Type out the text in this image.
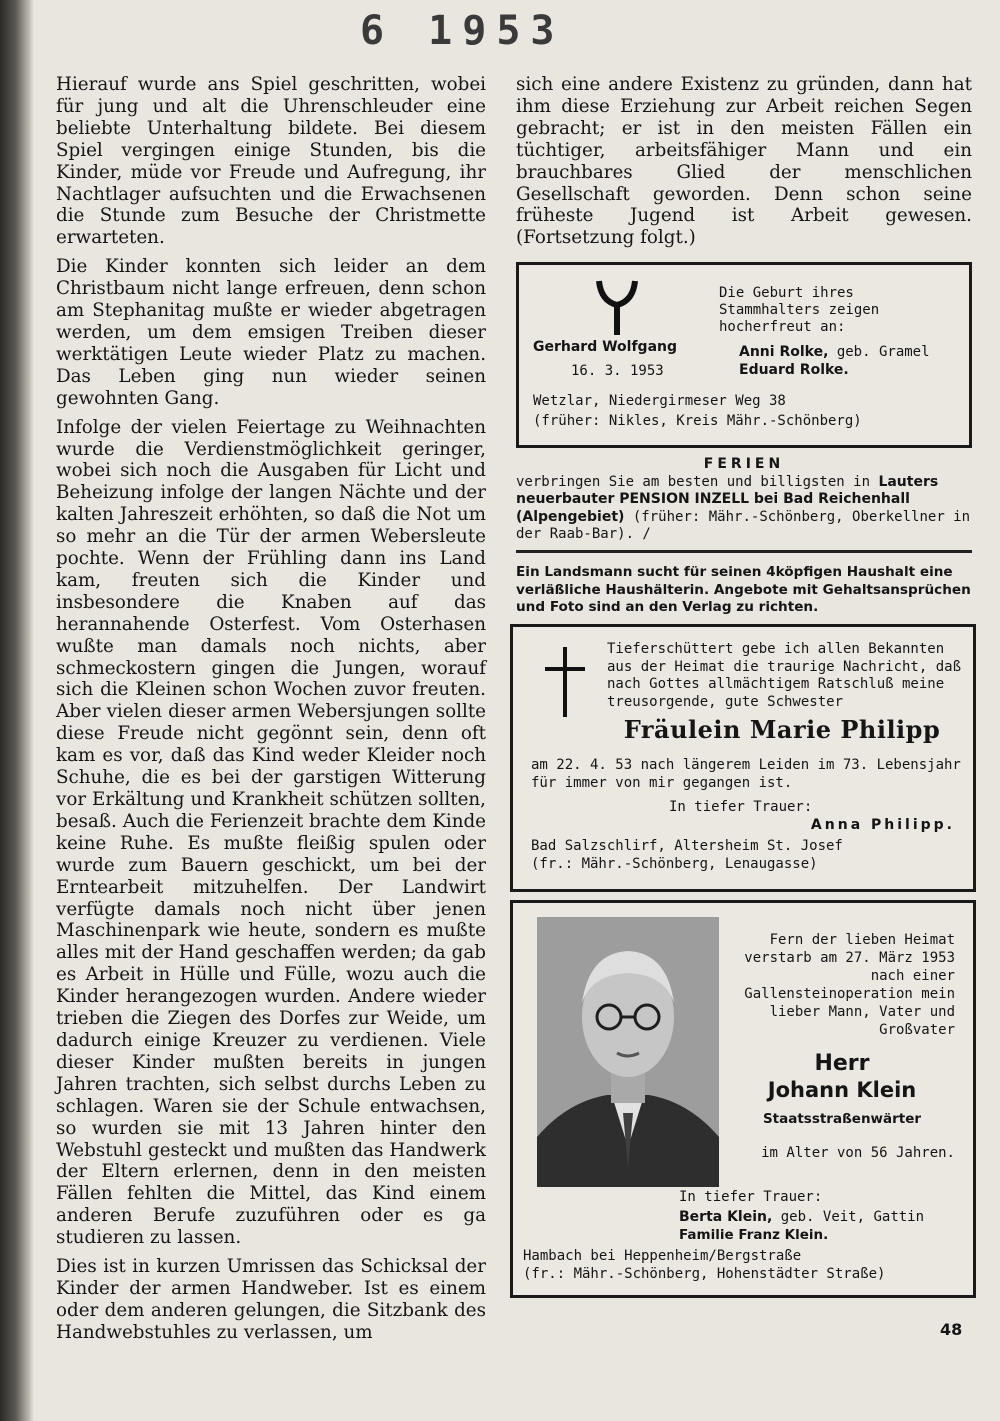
6 1953

Hierauf wurde ans Spiel geschritten, wobei für jung und alt die Uhrenschleuder eine beliebte Unterhaltung bildete. Bei diesem Spiel vergingen einige Stunden, bis die Kinder, müde vor Freude und Aufregung, ihr Nachtlager aufsuchten und die Erwachsenen die Stunde zum Besuche der Christmette erwarteten.

Die Kinder konnten sich leider an dem Christbaum nicht lange erfreuen, denn schon am Stephanitag mußte er wieder abgetragen werden, um dem emsigen Treiben dieser werktätigen Leute wieder Platz zu machen. Das Leben ging nun wieder seinen gewohnten Gang.

Infolge der vielen Feiertage zu Weihnachten wurde die Verdienstmöglichkeit geringer, wobei sich noch die Ausgaben für Licht und Beheizung infolge der langen Nächte und der kalten Jahreszeit erhöhten, so daß die Not um so mehr an die Tür der armen Webersleute pochte. Wenn der Frühling dann ins Land kam, freuten sich die Kinder und insbesondere die Knaben auf das herannahende Osterfest. Vom Osterhasen wußte man damals noch nichts, aber schmeckostern gingen die Jungen, worauf sich die Kleinen schon Wochen zuvor freuten. Aber vielen dieser armen Webersjungen sollte diese Freude nicht gegönnt sein, denn oft kam es vor, daß das Kind weder Kleider noch Schuhe, die es bei der garstigen Witterung vor Erkältung und Krankheit schützen sollten, besaß. Auch die Ferienzeit brachte dem Kinde keine Ruhe. Es mußte fleißig spulen oder wurde zum Bauern geschickt, um bei der Erntearbeit mitzuhelfen. Der Landwirt verfügte damals noch nicht über jenen Maschinenpark wie heute, sondern es mußte alles mit der Hand geschaffen werden; da gab es Arbeit in Hülle und Fülle, wozu auch die Kinder herangezogen wurden. Andere wieder trieben die Ziegen des Dorfes zur Weide, um dadurch einige Kreuzer zu verdienen. Viele dieser Kinder mußten bereits in jungen Jahren trachten, sich selbst durchs Leben zu schlagen. Waren sie der Schule entwachsen, so wurden sie mit 13 Jahren hinter den Webstuhl gesteckt und mußten das Handwerk der Eltern erlernen, denn in den meisten Fällen fehlten die Mittel, das Kind einem anderen Berufe zuzuführen oder es ga studieren zu lassen.

Dies ist in kurzen Umrissen das Schicksal der Kinder der armen Handweber. Ist es einem oder dem anderen gelungen, die Sitzbank des Handwebstuhles zu verlassen, um

sich eine andere Existenz zu gründen, dann hat ihm diese Erziehung zur Arbeit reichen Segen gebracht; er ist in den meisten Fällen ein tüchtiger, arbeitsfähiger Mann und ein brauchbares Glied der menschlichen Gesellschaft geworden. Denn schon seine früheste Jugend ist Arbeit gewesen. (Fortsetzung folgt.)

Gerhard Wolfgang
16. 3. 1953
Die Geburt ihres Stammhalters zeigen hocherfreut an:
Anni Rolke, geb. Gramel
Eduard Rolke.
Wetzlar, Niedergirmeser Weg 38
(früher: Nikles, Kreis Mähr.-Schönberg)
FERIEN
verbringen Sie am besten und billigsten in Lauters neuerbauter PENSION INZELL bei Bad Reichenhall (Alpengebiet) (früher: Mähr.-Schönberg, Oberkellner in der Raab-Bar). /
Ein Landsmann sucht für seinen 4köpfigen Haushalt eine verläßliche Haushälterin. Angebote mit Gehaltsansprüchen und Foto sind an den Verlag zu richten.
Tieferschüttert gebe ich allen Bekannten aus der Heimat die traurige Nachricht, daß nach Gottes allmächtigem Ratschluß meine treusorgende, gute Schwester
Fräulein Marie Philipp
am 22. 4. 53 nach längerem Leiden im 73. Lebensjahr für immer von mir gegangen ist.
In tiefer Trauer:
Anna Philipp.
Bad Salzschlirf, Altersheim St. Josef
(fr.: Mähr.-Schönberg, Lenaugasse)
Fern der lieben Heimat verstarb am 27. März 1953 nach einer Gallensteinoperation mein lieber Mann, Vater und Großvater
Herr
Johann Klein
Staatsstraßenwärter
im Alter von 56 Jahren.
In tiefer Trauer:
Berta Klein, geb. Veit, Gattin
Familie Franz Klein.
Hambach bei Heppenheim/Bergstraße
(fr.: Mähr.-Schönberg, Hohenstädter Straße)
48
